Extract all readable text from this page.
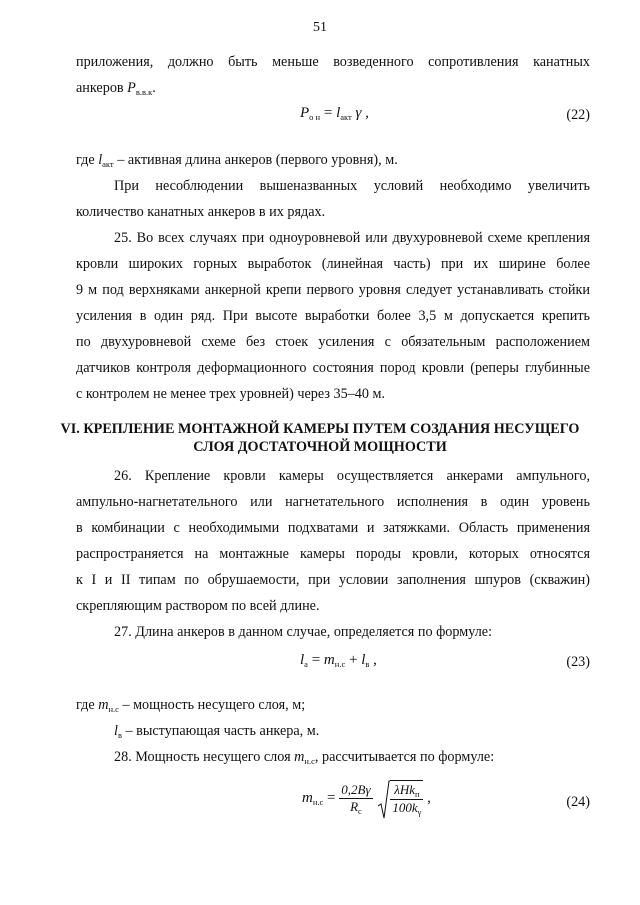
51
приложения, должно быть меньше возведенного сопротивления канатных
анкеров $P_{в.в.к}$.
$P_{о н} = l_{акт}$ γ ,	(22)
где $l_{акт}$ – активная длина анкеров (первого уровня), м.
При несоблюдении вышеназванных условий необходимо увеличить
количество канатных анкеров в их рядах.
25. Во всех случаях при одноуровневой или двухуровневой схеме крепления
кровли широких горных выработок (линейная часть) при их ширине более
9 м под верхняками анкерной крепи первого уровня следует устанавливать стойки
усиления в один ряд. При высоте выработки более 3,5 м допускается крепить
по двухуровневой схеме без стоек усиления с обязательным расположением
датчиков контроля деформационного состояния пород кровли (реперы глубинные
с контролем не менее трех уровней) через 35–40 м.
VI. КРЕПЛЕНИЕ МОНТАЖНОЙ КАМЕРЫ ПУТЕМ СОЗДАНИЯ НЕСУЩЕГО
СЛОЯ ДОСТАТОЧНОЙ МОЩНОСТИ
26. Крепление кровли камеры осуществляется анкерами ампульного,
ампульно-нагнетательного или нагнетательного исполнения в один уровень
в комбинации с необходимыми подхватами и затяжками. Область применения
распространяется на монтажные камеры породы кровли, которых относятся
к I и II типам по обрушаемости, при условии заполнения шпуров (скважин)
скрепляющим раствором по всей длине.
27. Длина анкеров в данном случае, определяется по формуле:
$l_а = m_{н.с} + l_в$ ,	(23)
где $m_{н.с}$ – мощность несущего слоя, м;
$l_в$ – выступающая часть анкера, м.
28. Мощность несущего слоя $m_{н.с}$, рассчитывается по формуле:
$m_{н.с} = \frac{0,2B\gamma}{R_с}$
$\frac{\lambda Hk_п}{100k_\gamma}$ ,	(24)
